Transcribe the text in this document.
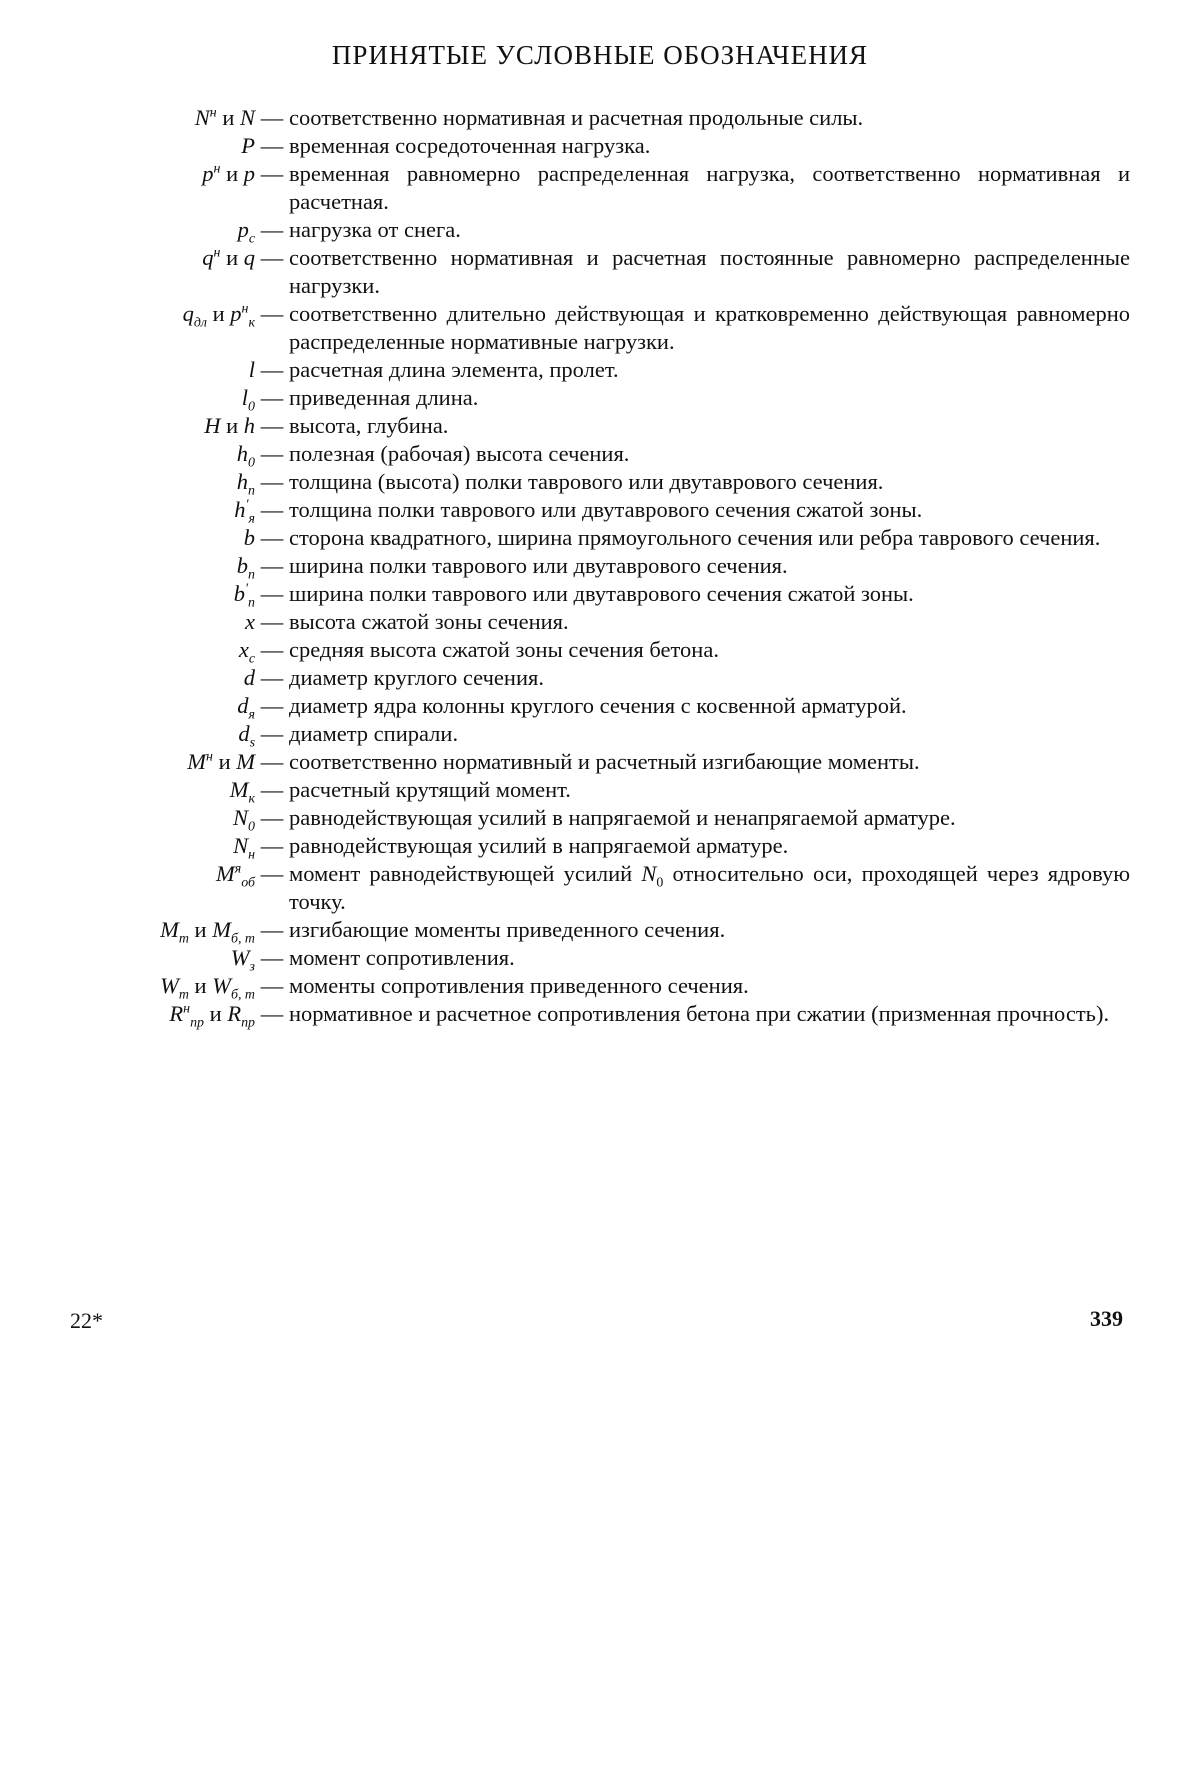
ПРИНЯТЫЕ УСЛОВНЫЕ ОБОЗНАЧЕНИЯ
$N^н$ и N — соответственно нормативная и расчетная продольные силы.
P — временная сосредоточенная нагрузка.
$p^н$ и p — временная равномерно распределенная нагрузка, соответственно нормативная и расчетная.
$p_с$ — нагрузка от снега.
$q^н$ и q — соответственно нормативная и расчетная постоянные равномерно распределенные нагрузки.
$q_{дл}$ и $p^н_к$ — соответственно длительно действующая и кратковременно действующая равномерно распределенные нормативные нагрузки.
l — расчетная длина элемента, пролет.
$l_0$ — приведенная длина.
H и h — высота, глубина.
$h_0$ — полезная (рабочая) высота сечения.
$h_п$ — толщина (высота) полки таврового или двутаврового сечения.
$h'_я$ — толщина полки таврового или двутаврового сечения сжатой зоны.
b — сторона квадратного, ширина прямоугольного сечения или ребра таврового сечения.
$b_п$ — ширина полки таврового или двутаврового сечения.
$b'_п$ — ширина полки таврового или двутаврового сечения сжатой зоны.
x — высота сжатой зоны сечения.
$x_с$ — средняя высота сжатой зоны сечения бетона.
d — диаметр круглого сечения.
$d_я$ — диаметр ядра колонны круглого сечения с косвенной арматурой.
$d_s$ — диаметр спирали.
$M^н$ и M — соответственно нормативный и расчетный изгибающие моменты.
$M_к$ — расчетный крутящий момент.
$N_0$ — равнодействующая усилий в напрягаемой и ненапрягаемой арматуре.
$N_н$ — равнодействующая усилий в напрягаемой арматуре.
$M^я_{об}$ — момент равнодействующей усилий $N_0$ относительно оси, проходящей через ядровую точку.
$M_т$ и $M_{б, т}$ — изгибающие моменты приведенного сечения.
$W_з$ — момент сопротивления.
$W_т$ и $W_{б, т}$ — моменты сопротивления приведенного сечения.
$R^н_{пр}$ и $R_{пр}$ — нормативное и расчетное сопротивления бетона при сжатии (призменная прочность).
22*	339
